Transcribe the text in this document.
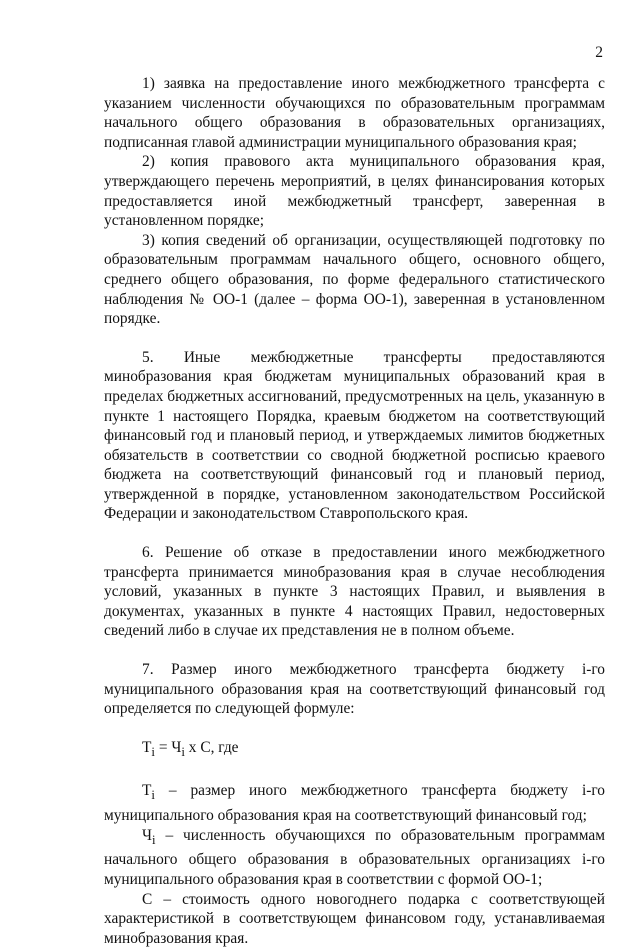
2

1) заявка на предоставление иного межбюджетного трансферта с указанием численности обучающихся по образовательным программам начального общего образования в образовательных организациях, подписанная главой администрации муниципального образования края;

2) копия правового акта муниципального образования края, утверждающего перечень мероприятий, в целях финансирования которых предоставляется иной межбюджетный трансферт, заверенная в установленном порядке;

3) копия сведений об организации, осуществляющей подготовку по образовательным программам начального общего, основного общего, среднего общего образования, по форме федерального статистического наблюдения № ОО-1 (далее – форма ОО-1), заверенная в установленном порядке.

5. Иные межбюджетные трансферты предоставляются минобразования края бюджетам муниципальных образований края в пределах бюджетных ассигнований, предусмотренных на цель, указанную в пункте 1 настоящего Порядка, краевым бюджетом на соответствующий финансовый год и плановый период, и утверждаемых лимитов бюджетных обязательств в соответствии со сводной бюджетной росписью краевого бюджета на соответствующий финансовый год и плановый период, утвержденной в порядке, установленном законодательством Российской Федерации и законодательством Ставропольского края.

6. Решение об отказе в предоставлении иного межбюджетного трансферта принимается минобразования края в случае несоблюдения условий, указанных в пункте 3 настоящих Правил, и выявления в документах, указанных в пункте 4 настоящих Правил, недостоверных сведений либо в случае их представления не в полном объеме.

7. Размер иного межбюджетного трансферта бюджету i-го муниципального образования края на соответствующий финансовый год определяется по следующей формуле:

$T_i = Ч_i$ х С, где

$T_i$ – размер иного межбюджетного трансферта бюджету i-го муниципального образования края на соответствующий финансовый год;

$Ч_i$ – численность обучающихся по образовательным программам начального общего образования в образовательных организациях i-го муниципального образования края в соответствии с формой ОО-1;

С – стоимость одного новогоднего подарка с соответствующей характеристикой в соответствующем финансовом году, устанавливаемая минобразования края.
